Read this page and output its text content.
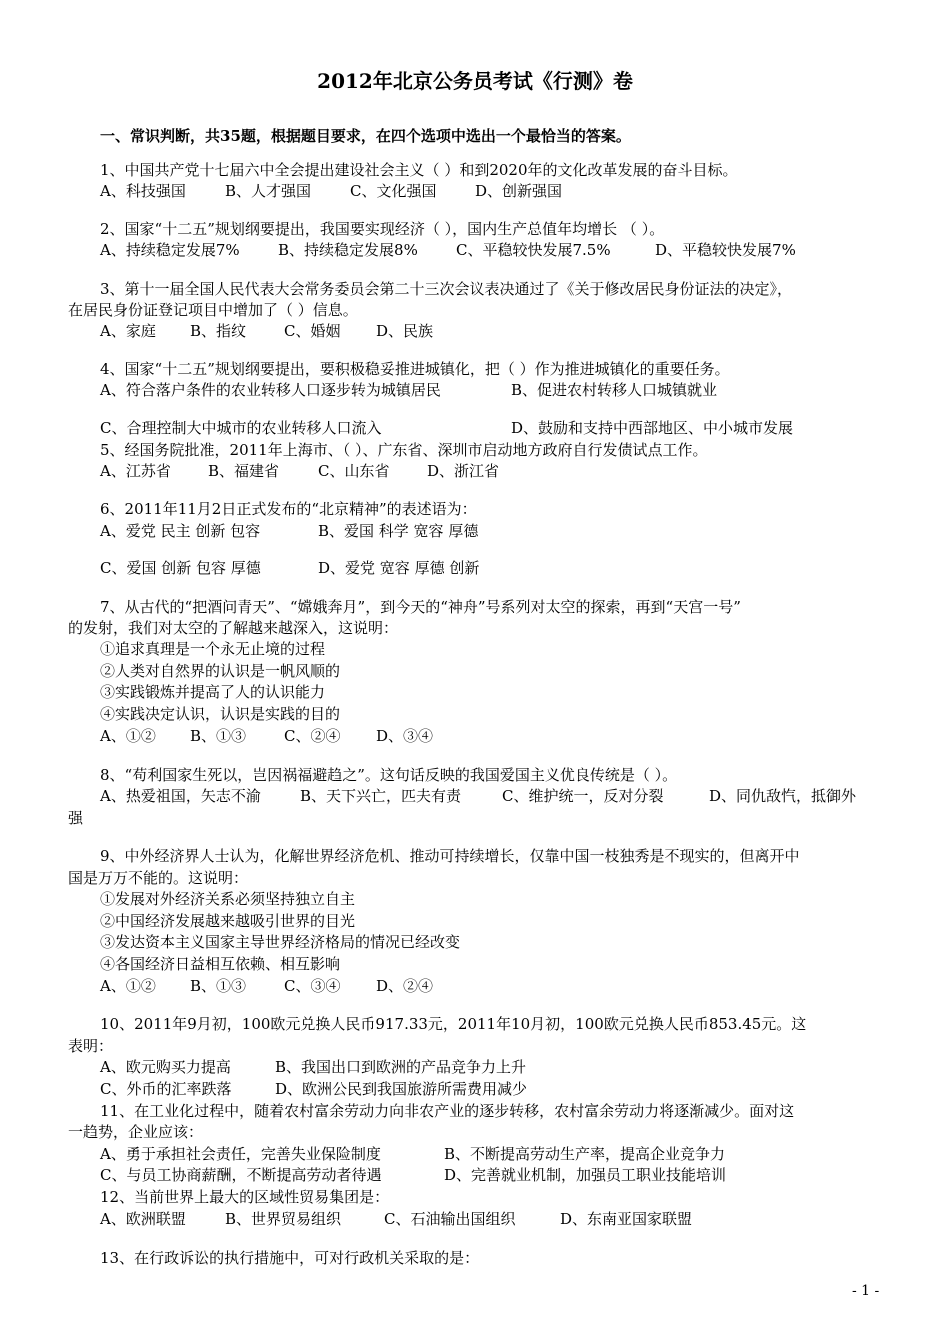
2012年北京公务员考试《行测》卷
一、常识判断，共35题，根据题目要求，在四个选项中选出一个最恰当的答案。
1、中国共产党十七届六中全会提出建设社会主义（ ）和到2020年的文化改革发展的奋斗目标。
A、科技强国	B、人才强国	C、文化强国	D、创新强国
2、国家“十二五”规划纲要提出，我国要实现经济（ ），国内生产总值年均增长 （ ）。
A、持续稳定发展7%	B、持续稳定发展8%	C、平稳较快发展7.5%	D、平稳较快发展7%
3、第十一届全国人民代表大会常务委员会第二十三次会议表决通过了《关于修改居民身份证法的决定》，
在居民身份证登记项目中增加了（ ）信息。
A、家庭 B、指纹	C、婚姻 D、民族
4、国家“十二五”规划纲要提出，要积极稳妥推进城镇化，把（ ）作为推进城镇化的重要任务。
A、符合落户条件的农业转移人口逐步转为城镇居民	B、促进农村转移人口城镇就业
C、合理控制大中城市的农业转移人口流入	D、鼓励和支持中西部地区、中小城市发展
5、经国务院批准，2011年上海市、（ ）、广东省、深圳市启动地方政府自行发债试点工作。
A、江苏省 B、福建省	C、山东省	D、浙江省
6、2011年11月2日正式发布的“北京精神”的表述语为：
A、爱党 民主 创新 包容	B、爱国 科学 宽容 厚德
C、爱国 创新 包容 厚德	D、爱党 宽容 厚德 创新
7、从古代的“把酒问青天”、“嫦娥奔月”，到今天的“神舟”号系列对太空的探索，再到“天宫一号”
的发射，我们对太空的了解越来越深入，这说明：
①追求真理是一个永无止境的过程
②人类对自然界的认识是一帆风顺的
③实践锻炼并提高了人的认识能力
④实践决定认识，认识是实践的目的
A、①② B、①③	C、②④ D、③④
8、“苟利国家生死以，岂因祸福避趋之”。这句话反映的我国爱国主义优良传统是（ ）。
A、热爱祖国，矢志不渝	B、天下兴亡，匹夫有责	C、维护统一，反对分裂	D、同仇敌忾，抵御外
强
9、中外经济界人士认为，化解世界经济危机、推动可持续增长，仅靠中国一枝独秀是不现实的，但离开中
国是万万不能的。这说明：
①发展对外经济关系必须坚持独立自主
②中国经济发展越来越吸引世界的目光
③发达资本主义国家主导世界经济格局的情况已经改变
④各国经济日益相互依赖、相互影响
A、①② B、①③	C、③④ D、②④
10、2011年9月初，100欧元兑换人民币917.33元，2011年10月初，100欧元兑换人民币853.45元。这
表明：
A、欧元购买力提高	B、我国出口到欧洲的产品竞争力上升
C、外币的汇率跌落	D、欧洲公民到我国旅游所需费用减少
11、在工业化过程中，随着农村富余劳动力向非农产业的逐步转移，农村富余劳动力将逐渐减少。面对这
一趋势，企业应该：
A、勇于承担社会责任，完善失业保险制度	B、不断提高劳动生产率，提高企业竞争力
C、与员工协商薪酬，不断提高劳动者待遇	D、完善就业机制，加强员工职业技能培训
12、当前世界上最大的区域性贸易集团是：
A、欧洲联盟	B、世界贸易组织	C、石油输出国组织	D、东南亚国家联盟
13、在行政诉讼的执行措施中，可对行政机关采取的是：
- 1 -
